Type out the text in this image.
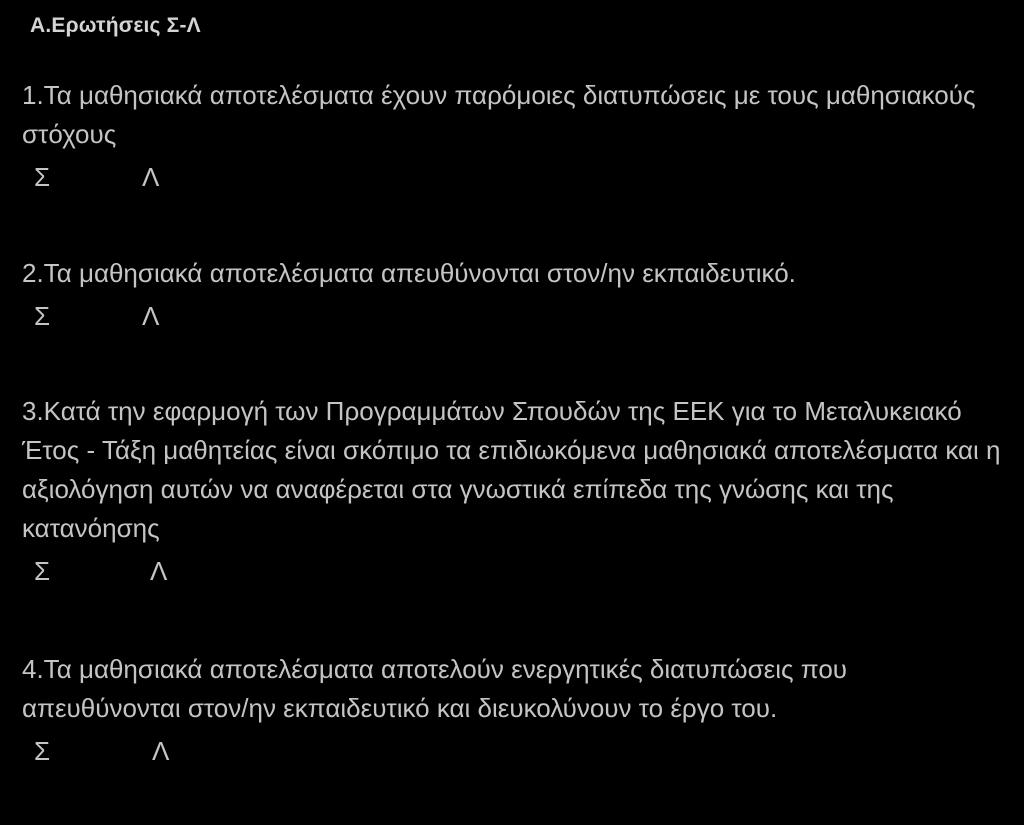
Α.Ερωτήσεις Σ-Λ
1.Τα μαθησιακά αποτελέσματα έχουν παρόμοιες διατυπώσεις με τους μαθησιακούς στόχους
Σ	Λ
2.Τα μαθησιακά αποτελέσματα απευθύνονται στον/ην εκπαιδευτικό.
Σ	Λ
3.Κατά την εφαρμογή των Προγραμμάτων Σπουδών της ΕΕΚ για το Μεταλυκειακό Έτος - Τάξη μαθητείας είναι σκόπιμο τα επιδιωκόμενα μαθησιακά αποτελέσματα και η αξιολόγηση αυτών να αναφέρεται στα γνωστικά επίπεδα της γνώσης και της κατανόησης
Σ	Λ
4.Τα μαθησιακά αποτελέσματα αποτελούν ενεργητικές διατυπώσεις που απευθύνονται στον/ην εκπαιδευτικό και διευκολύνουν το έργο του.
Σ	Λ
